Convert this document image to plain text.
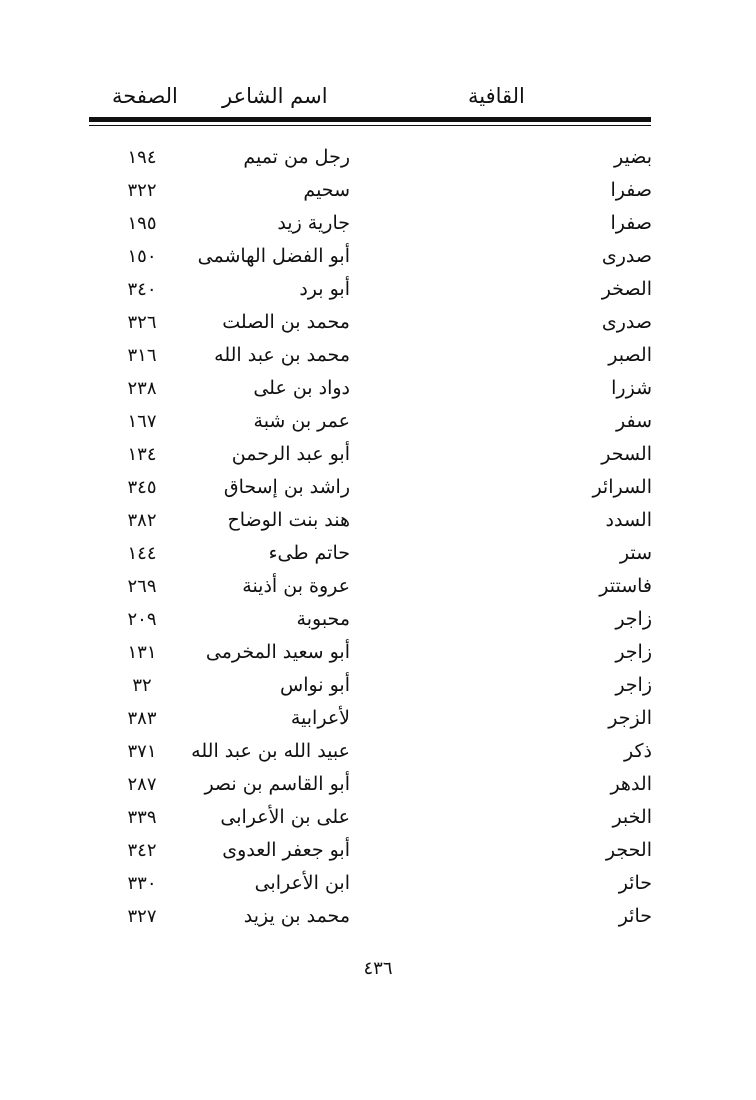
القافية
اسم الشاعر
الصفحة
بضير
رجل من تميم
١٩٤
صفرا
سحيم
٣٢٢
صفرا
جارية زيد
١٩٥
صدرى
أبو الفضل الهاشمى
١٥٠
الصخر
أبو برد
٣٤٠
صدرى
محمد بن الصلت
٣٢٦
الصبر
محمد بن عبد الله
٣١٦
شزرا
دواد بن على
٢٣٨
سفر
عمر بن شبة
١٦٧
السحر
أبو عبد الرحمن
١٣٤
السرائر
راشد بن إسحاق
٣٤٥
السدد
هند بنت الوضاح
٣٨٢
ستر
حاتم طىء
١٤٤
فاستتر
عروة بن أذينة
٢٦٩
زاجر
محبوبة
٢٠٩
زاجر
أبو سعيد المخرمى
١٣١
زاجر
أبو نواس
٣٢
الزجر
لأعرابية
٣٨٣
ذكر
عبيد الله بن عبد الله
٣٧١
الدهر
أبو القاسم بن نصر
٢٨٧
الخبر
على بن الأعرابى
٣٣٩
الحجر
أبو جعفر العدوى
٣٤٢
حائر
ابن الأعرابى
٣٣٠
حائر
محمد بن يزيد
٣٢٧
٤٣٦
